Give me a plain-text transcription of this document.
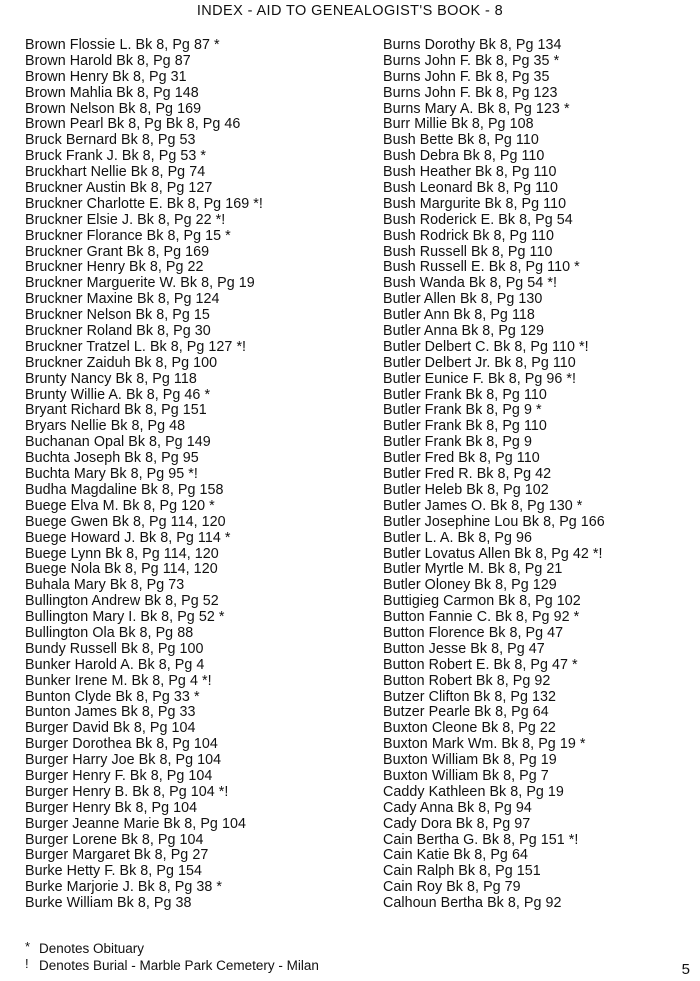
INDEX - AID TO GENEALOGIST'S BOOK - 8
Brown Flossie L. Bk 8, Pg 87 *
Brown Harold Bk 8, Pg 87
Brown Henry Bk 8, Pg 31
Brown Mahlia Bk 8, Pg 148
Brown Nelson Bk 8, Pg 169
Brown Pearl Bk 8, Pg Bk 8, Pg 46
Bruck Bernard Bk 8, Pg 53
Bruck Frank J. Bk 8, Pg 53 *
Bruckhart Nellie Bk 8, Pg 74
Bruckner Austin Bk 8, Pg 127
Bruckner Charlotte E. Bk 8, Pg 169 *!
Bruckner Elsie J. Bk 8, Pg 22 *!
Bruckner Florance Bk 8, Pg 15 *
Bruckner Grant Bk 8, Pg 169
Bruckner Henry Bk 8, Pg 22
Bruckner Marguerite W. Bk 8, Pg 19
Bruckner Maxine Bk 8, Pg 124
Bruckner Nelson Bk 8, Pg 15
Bruckner Roland Bk 8, Pg 30
Bruckner Tratzel L. Bk 8, Pg 127 *!
Bruckner Zaiduh Bk 8, Pg 100
Brunty Nancy Bk 8, Pg 118
Brunty Willie A. Bk 8, Pg 46 *
Bryant Richard Bk 8, Pg 151
Bryars Nellie Bk 8, Pg 48
Buchanan Opal Bk 8, Pg 149
Buchta Joseph Bk 8, Pg 95
Buchta Mary Bk 8, Pg 95 *!
Budha Magdaline Bk 8, Pg 158
Buege Elva M. Bk 8, Pg 120 *
Buege Gwen Bk 8, Pg 114, 120
Buege Howard J. Bk 8, Pg 114 *
Buege Lynn Bk 8, Pg 114, 120
Buege Nola Bk 8, Pg 114, 120
Buhala Mary Bk 8, Pg 73
Bullington Andrew Bk 8, Pg 52
Bullington Mary I. Bk 8, Pg 52 *
Bullington Ola Bk 8, Pg 88
Bundy Russell Bk 8, Pg 100
Bunker Harold A. Bk 8, Pg 4
Bunker Irene M. Bk 8, Pg 4 *!
Bunton Clyde Bk 8, Pg 33 *
Bunton James Bk 8, Pg 33
Burger David Bk 8, Pg 104
Burger Dorothea Bk 8, Pg 104
Burger Harry Joe Bk 8, Pg 104
Burger Henry F. Bk 8, Pg 104
Burger Henry B. Bk 8, Pg 104 *!
Burger Henry Bk 8, Pg 104
Burger Jeanne Marie Bk 8, Pg 104
Burger Lorene Bk 8, Pg 104
Burger Margaret Bk 8, Pg 27
Burke Hetty F. Bk 8, Pg 154
Burke Marjorie J. Bk 8, Pg 38 *
Burke William Bk 8, Pg 38
Burns Dorothy Bk 8, Pg 134
Burns John F. Bk 8, Pg 35 *
Burns John F. Bk 8, Pg 35
Burns John F. Bk 8, Pg 123
Burns Mary A. Bk 8, Pg 123 *
Burr Millie Bk 8, Pg 108
Bush Bette Bk 8, Pg 110
Bush Debra Bk 8, Pg 110
Bush Heather Bk 8, Pg 110
Bush Leonard Bk 8, Pg 110
Bush Margurite Bk 8, Pg 110
Bush Roderick E. Bk 8, Pg 54
Bush Rodrick Bk 8, Pg 110
Bush Russell Bk 8, Pg 110
Bush Russell E. Bk 8, Pg 110 *
Bush Wanda Bk 8, Pg 54 *!
Butler Allen Bk 8, Pg 130
Butler Ann Bk 8, Pg 118
Butler Anna Bk 8, Pg 129
Butler Delbert C. Bk 8, Pg 110 *!
Butler Delbert Jr. Bk 8, Pg 110
Butler Eunice F. Bk 8, Pg 96 *!
Butler Frank Bk 8, Pg 110
Butler Frank Bk 8, Pg 9 *
Butler Frank Bk 8, Pg 110
Butler Frank Bk 8, Pg 9
Butler Fred Bk 8, Pg 110
Butler Fred R. Bk 8, Pg 42
Butler Heleb Bk 8, Pg 102
Butler James O. Bk 8, Pg 130 *
Butler Josephine Lou Bk 8, Pg 166
Butler L. A. Bk 8, Pg 96
Butler Lovatus Allen Bk 8, Pg 42 *!
Butler Myrtle M. Bk 8, Pg 21
Butler Oloney Bk 8, Pg 129
Buttigieg Carmon Bk 8, Pg 102
Button Fannie C. Bk 8, Pg 92 *
Button Florence Bk 8, Pg 47
Button Jesse Bk 8, Pg 47
Button Robert E. Bk 8, Pg 47 *
Button Robert Bk 8, Pg 92
Butzer Clifton Bk 8, Pg 132
Butzer Pearle Bk 8, Pg 64
Buxton Cleone Bk 8, Pg 22
Buxton Mark Wm. Bk 8, Pg 19 *
Buxton William Bk 8, Pg 19
Buxton William Bk 8, Pg 7
Caddy Kathleen Bk 8, Pg 19
Cady Anna Bk 8, Pg 94
Cady Dora Bk 8, Pg 97
Cain Bertha G. Bk 8, Pg 151 *!
Cain Katie Bk 8, Pg 64
Cain Ralph Bk 8, Pg 151
Cain Roy Bk 8, Pg 79
Calhoun Bertha Bk 8, Pg 92
* Denotes Obituary
! Denotes Burial - Marble Park Cemetery - Milan	5
